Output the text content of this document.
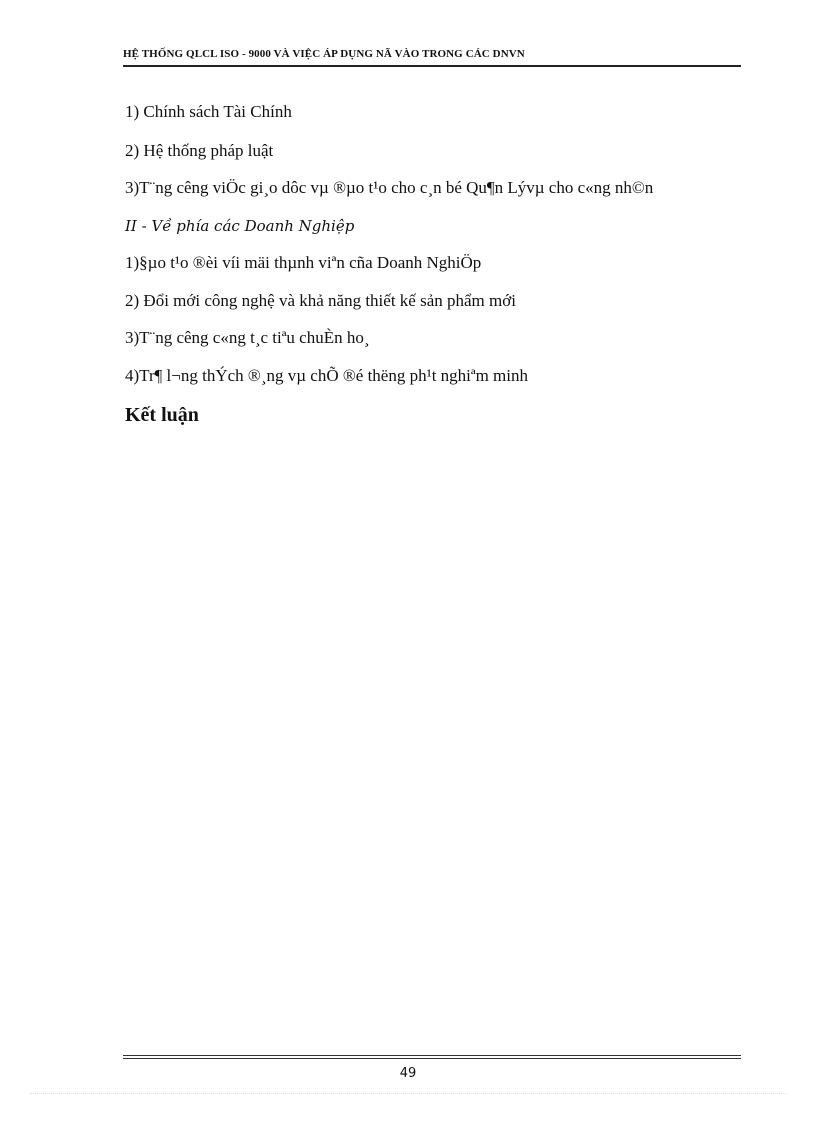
HỆ THỐNG QLCL ISO - 9000 VÀ VIỆC ÁP DỤNG NÃ VÀO TRONG CÁC DNVN
1) Chính sách Tài Chính
2) Hệ thống pháp luật
3)T¨ng cêng viÖc gi¸o dôc vµ ®µo t¹o cho c¸n bé Qu¶n Lývµ cho c«ng nh©n
II - Về phía các Doanh Nghiệp
1)§µo t¹o ®èi víi mäi thµnh viªn cña Doanh NghiÖp
2) Đổi mới công nghệ và khả năng thiết kế sản phẩm mới
3)T¨ng cêng c«ng t¸c tiªu chuÈn ho¸
4)Tr¶ l¬ng thÝch ®¸ng vµ chÕ ®é thëng ph¹t nghiªm minh
Kết luận
49
